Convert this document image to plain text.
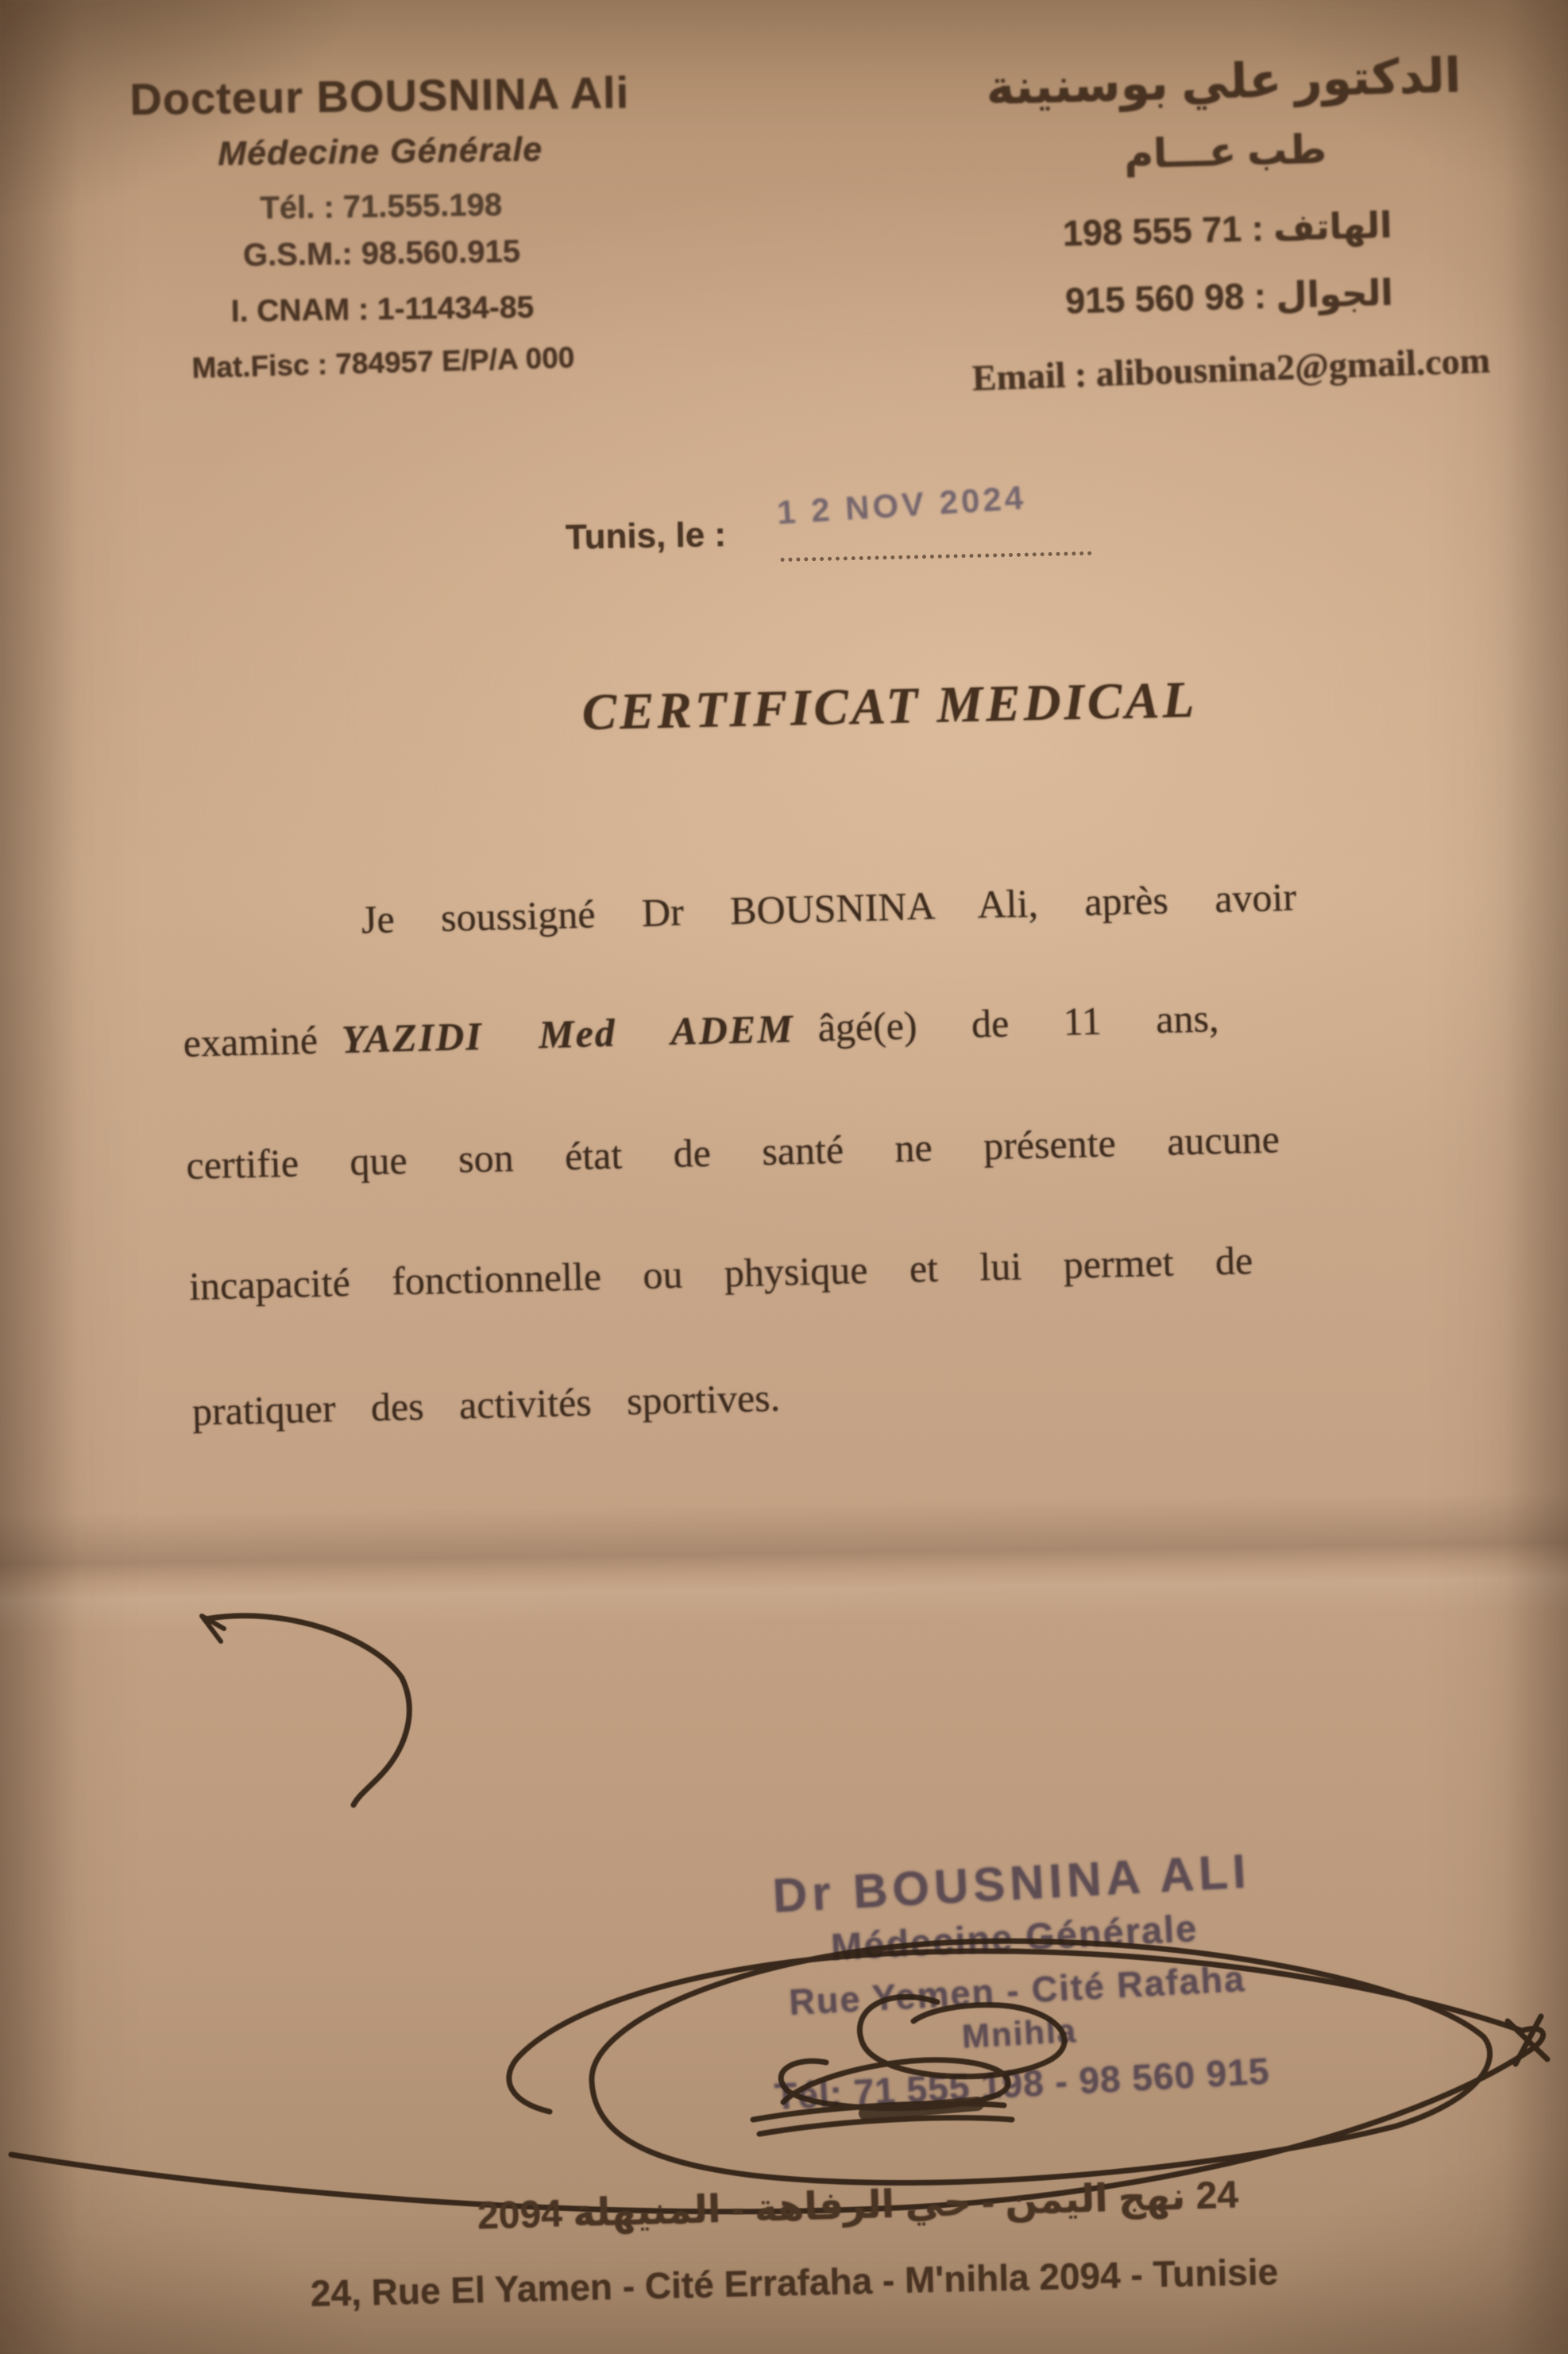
Docteur BOUSNINA Ali
Médecine Générale
Tél. : 71.555.198
G.S.M.: 98.560.915
I. CNAM : 1-11434-85
Mat.Fisc : 784957 E/P/A 000
الدكتور علي بوسنينة
طب عـــام
الهاتف : 71 555 198
الجوال : 98 560 915
Email : alibousnina2@gmail.com
Tunis, le :
1 2 NOV 2024
CERTIFICAT MEDICAL
Je soussigné Dr BOUSNINA Ali, après avoir
examiné YAZIDI Med ADEM âgé(e) de 11 ans,
certifie que son état de santé ne présente aucune
incapacité fonctionnelle ou physique et lui permet de
pratiquer des activités sportives.
Dr BOUSNINA ALI
Médecine Générale
Rue Yemen - Cité Rafaha
Mnihla
Tél: 71 555 198 - 98 560 915
24 نهج اليمن - حي الرفاهة - المنيهلة 2094
24, Rue El Yamen - Cité Errafaha - M'nihla 2094 - Tunisie
